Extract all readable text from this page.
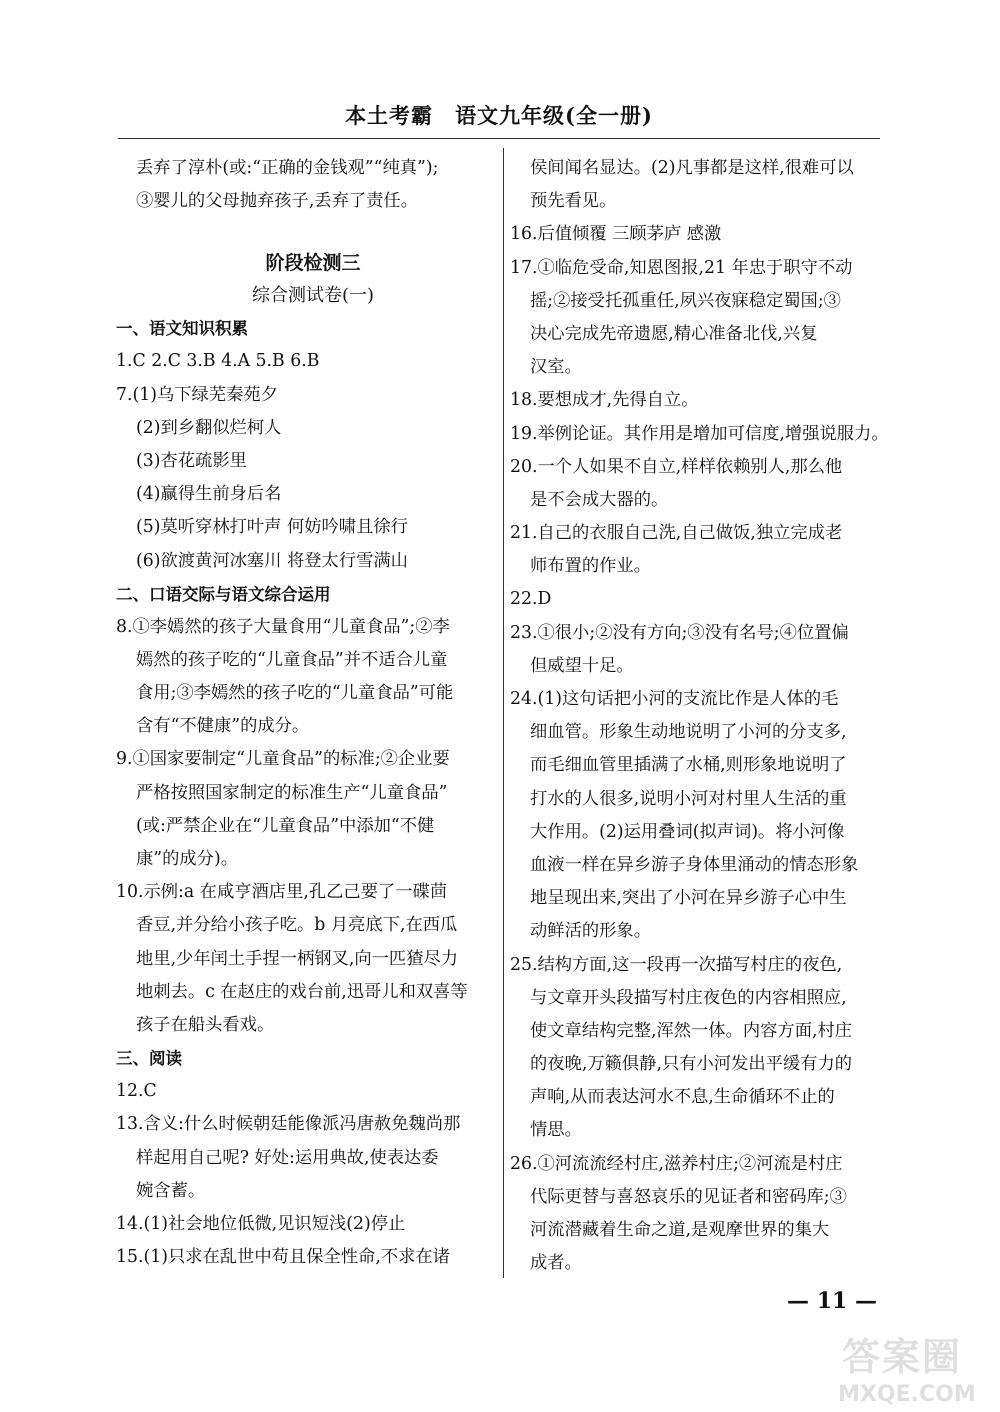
本土考霸 语文九年级(全一册)
丢弃了淳朴(或:“正确的金钱观”“纯真”);
③婴儿的父母抛弃孩子,丢弃了责任。
阶段检测三
综合测试卷(一)
一、语文知识积累
1.C 2.C 3.B 4.A 5.B 6.B
7.(1)乌下绿芜秦苑夕
(2)到乡翻似烂柯人
(3)杏花疏影里
(4)赢得生前身后名
(5)莫听穿林打叶声 何妨吟啸且徐行
(6)欲渡黄河冰塞川 将登太行雪满山
二、口语交际与语文综合运用
8.①李嫣然的孩子大量食用“儿童食品”;②李
嫣然的孩子吃的“儿童食品”并不适合儿童
食用;③李嫣然的孩子吃的“儿童食品”可能
含有“不健康”的成分。
9.①国家要制定“儿童食品”的标准;②企业要
严格按照国家制定的标准生产“儿童食品”
(或:严禁企业在“儿童食品”中添加“不健
康”的成分)。
10.示例:a 在咸亨酒店里,孔乙己要了一碟茴
香豆,并分给小孩子吃。b 月亮底下,在西瓜
地里,少年闰土手捏一柄钢叉,向一匹猹尽力
地刺去。c 在赵庄的戏台前,迅哥儿和双喜等
孩子在船头看戏。
三、阅读
12.C
13.含义:什么时候朝廷能像派冯唐赦免魏尚那
样起用自己呢? 好处:运用典故,使表达委
婉含蓄。
14.(1)社会地位低微,见识短浅(2)停止
15.(1)只求在乱世中苟且保全性命,不求在诸
侯间闻名显达。(2)凡事都是这样,很难可以
预先看见。
16.后值倾覆 三顾茅庐 感激
17.①临危受命,知恩图报,21 年忠于职守不动
摇;②接受托孤重任,夙兴夜寐稳定蜀国;③
决心完成先帝遗愿,精心准备北伐,兴复
汉室。
18.要想成才,先得自立。
19.举例论证。其作用是增加可信度,增强说服力。
20.一个人如果不自立,样样依赖别人,那么他
是不会成大器的。
21.自己的衣服自己洗,自己做饭,独立完成老
师布置的作业。
22.D
23.①很小;②没有方向;③没有名号;④位置偏
但威望十足。
24.(1)这句话把小河的支流比作是人体的毛
细血管。形象生动地说明了小河的分支多,
而毛细血管里插满了水桶,则形象地说明了
打水的人很多,说明小河对村里人生活的重
大作用。(2)运用叠词(拟声词)。将小河像
血液一样在异乡游子身体里涌动的情态形象
地呈现出来,突出了小河在异乡游子心中生
动鲜活的形象。
25.结构方面,这一段再一次描写村庄的夜色,
与文章开头段描写村庄夜色的内容相照应,
使文章结构完整,浑然一体。内容方面,村庄
的夜晚,万籁俱静,只有小河发出平缓有力的
声响,从而表达河水不息,生命循环不止的
情思。
26.①河流流经村庄,滋养村庄;②河流是村庄
代际更替与喜怒哀乐的见证者和密码库;③
河流潜藏着生命之道,是观摩世界的集大
成者。
— 11 —
答案圈
MXQE.COM
